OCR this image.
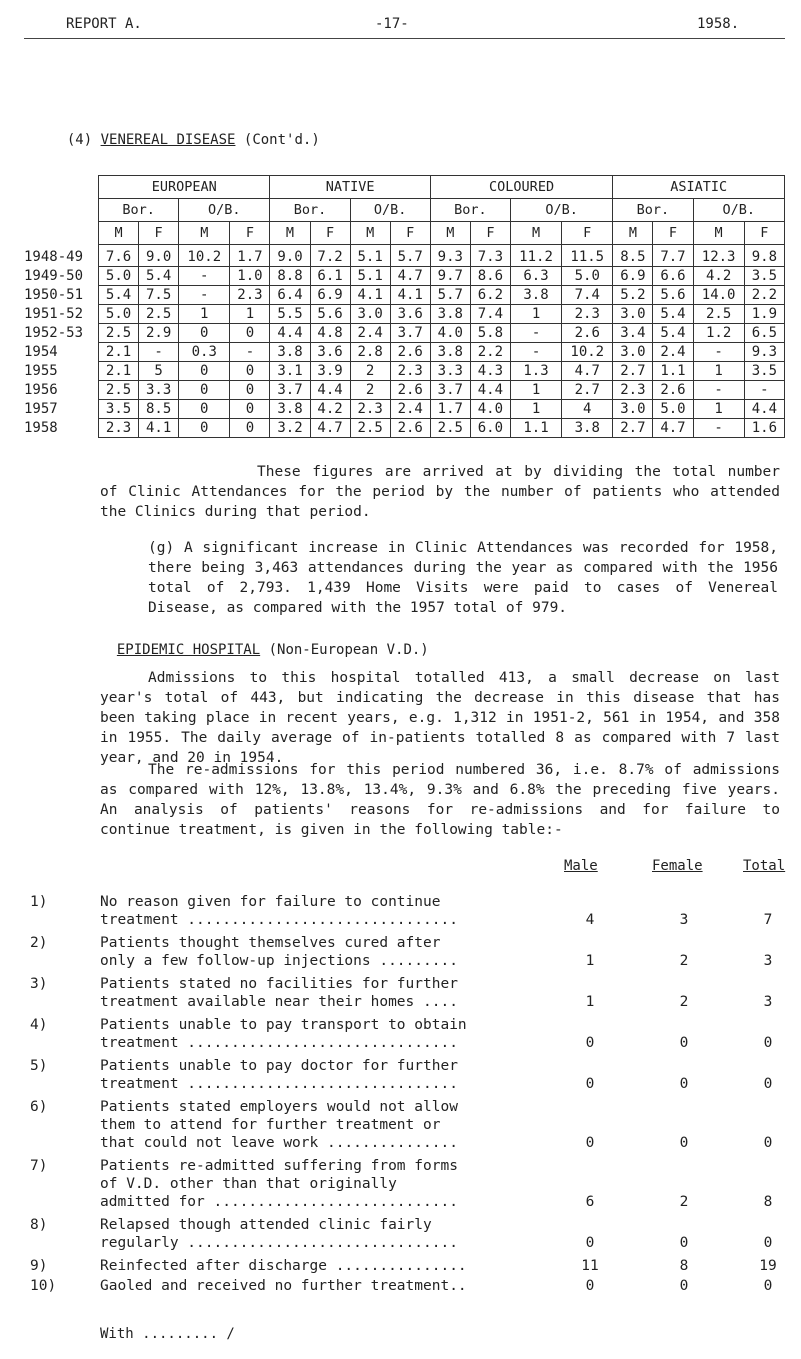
REPORT A.	-17-	1958.

(4) VENEREAL DISEASE (Cont'd.)

	EUROPEAN				NATIVE				COLOURED				ASIATIC			
	Bor.		O/B.		Bor.		O/B.		Bor.		O/B.		Bor.		O/B.	
	M	F	M	F	M	F	M	F	M	F	M	F	M	F	M	F
1948-49	7.6	9.0	10.2	1.7	9.0	7.2	5.1	5.7	9.3	7.3	11.2	11.5	8.5	7.7	12.3	9.8
1949-50	5.0	5.4	-	1.0	8.8	6.1	5.1	4.7	9.7	8.6	6.3	5.0	6.9	6.6	4.2	3.5
1950-51	5.4	7.5	-	2.3	6.4	6.9	4.1	4.1	5.7	6.2	3.8	7.4	5.2	5.6	14.0	2.2
1951-52	5.0	2.5	1	1	5.5	5.6	3.0	3.6	3.8	7.4	1	2.3	3.0	5.4	2.5	1.9
1952-53	2.5	2.9	0	0	4.4	4.8	2.4	3.7	4.0	5.8	-	2.6	3.4	5.4	1.2	6.5
1954	2.1	-	0.3	-	3.8	3.6	2.8	2.6	3.8	2.2	-	10.2	3.0	2.4	-	9.3
1955	2.1	5	0	0	3.1	3.9	2	2.3	3.3	4.3	1.3	4.7	2.7	1.1	1	3.5
1956	2.5	3.3	0	0	3.7	4.4	2	2.6	3.7	4.4	1	2.7	2.3	2.6	-	-
1957	3.5	8.5	0	0	3.8	4.2	2.3	2.4	1.7	4.0	1	4	3.0	5.0	1	4.4
1958	2.3	4.1	0	0	3.2	4.7	2.5	2.6	2.5	6.0	1.1	3.8	2.7	4.7	-	1.6
These figures are arrived at by dividing the total number of Clinic Attendances for the period by the number of patients who attended the Clinics during that period.
(g) A significant increase in Clinic Attendances was recorded for 1958, there being 3,463 attendances during the year as compared with the 1956 total of 2,793. 1,439 Home Visits were paid to cases of Venereal Disease, as compared with the 1957 total of 979.

EPIDEMIC HOSPITAL (Non-European V.D.)

Admissions to this hospital totalled 413, a small decrease on last year's total of 443, but indicating the decrease in this disease that has been taking place in recent years, e.g. 1,312 in 1951-2, 561 in 1954, and 358 in 1955. The daily average of in-patients totalled 8 as compared with 7 last year, and 20 in 1954.
The re-admissions for this period numbered 36, i.e. 8.7% of admissions as compared with 12%, 13.8%, 13.4%, 9.3% and 6.8% the preceding five years. An analysis of patients' reasons for re-admissions and for failure to continue treatment, is given in the following table:-
Male	Female	Total
1)	No reason given for failure to continue
treatment ...............................	4	3	7
2)	Patients thought themselves cured after
only a few follow-up injections .........	1	2	3
3)	Patients stated no facilities for further
treatment available near their homes ....	1	2	3
4)	Patients unable to pay transport to obtain
treatment ...............................	0	0	0
5)	Patients unable to pay doctor for further
treatment ...............................	0	0	0
6)	Patients stated employers would not allow
them to attend for further treatment or
that could not leave work ...............	0	0	0
7)	Patients re-admitted suffering from forms
of V.D. other than that originally
admitted for ............................	6	2	8
8)	Relapsed though attended clinic fairly
regularly ...............................	0	0	0
9)	Reinfected after discharge ...............	11	8	19
10)	Gaoled and received no further treatment..	0	0	0
With ......... /
